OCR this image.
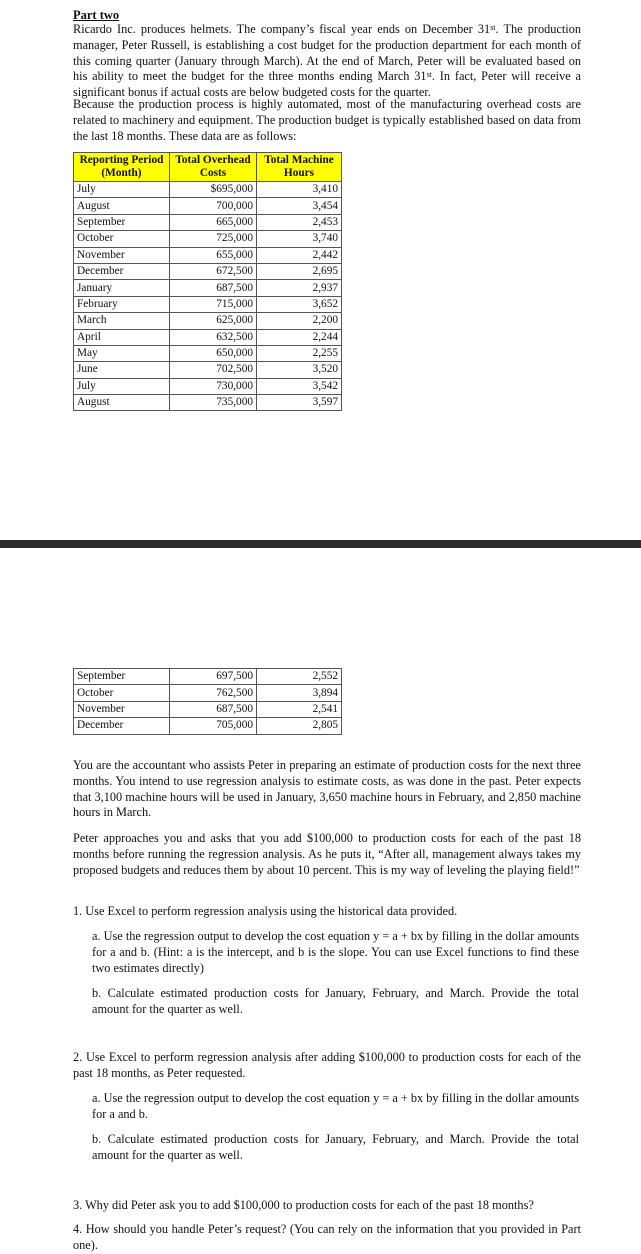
Part two
Ricardo Inc. produces helmets. The company’s fiscal year ends on December 31st. The production manager, Peter Russell, is establishing a cost budget for the production department for each month of this coming quarter (January through March). At the end of March, Peter will be evaluated based on his ability to meet the budget for the three months ending March 31st. In fact, Peter will receive a significant bonus if actual costs are below budgeted costs for the quarter.
Because the production process is highly automated, most of the manufacturing overhead costs are related to machinery and equipment. The production budget is typically established based on data from the last 18 months. These data are as follows:
Reporting Period (Month)	Total Overhead Costs	Total Machine Hours
July	$695,000	3,410
August	700,000	3,454
September	665,000	2,453
October	725,000	3,740
November	655,000	2,442
December	672,500	2,695
January	687,500	2,937
February	715,000	3,652
March	625,000	2,200
April	632,500	2,244
May	650,000	2,255
June	702,500	3,520
July	730,000	3,542
August	735,000	3,597
September	697,500	2,552
October	762,500	3,894
November	687,500	2,541
December	705,000	2,805
You are the accountant who assists Peter in preparing an estimate of production costs for the next three months. You intend to use regression analysis to estimate costs, as was done in the past. Peter expects that 3,100 machine hours will be used in January, 3,650 machine hours in February, and 2,850 machine hours in March.
Peter approaches you and asks that you add $100,000 to production costs for each of the past 18 months before running the regression analysis. As he puts it, “After all, management always takes my proposed budgets and reduces them by about 10 percent. This is my way of leveling the playing field!”
1. Use Excel to perform regression analysis using the historical data provided.
a. Use the regression output to develop the cost equation y = a + bx by filling in the dollar amounts for a and b. (Hint: a is the intercept, and b is the slope. You can use Excel functions to find these two estimates directly)
b. Calculate estimated production costs for January, February, and March. Provide the total amount for the quarter as well.
2. Use Excel to perform regression analysis after adding $100,000 to production costs for each of the past 18 months, as Peter requested.
a. Use the regression output to develop the cost equation y = a + bx by filling in the dollar amounts for a and b.
b. Calculate estimated production costs for January, February, and March. Provide the total amount for the quarter as well.
3. Why did Peter ask you to add $100,000 to production costs for each of the past 18 months?
4. How should you handle Peter’s request? (You can rely on the information that you provided in Part one).
